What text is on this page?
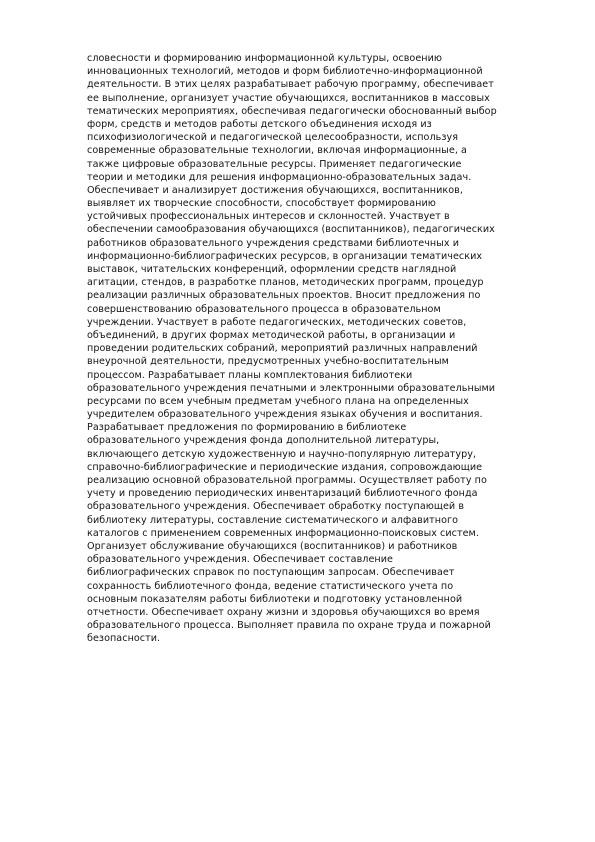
словесности и формированию информационной культуры, освоению
инновационных технологий, методов и форм библиотечно-информационной
деятельности. В этих целях разрабатывает рабочую программу, обеспечивает
ее выполнение, организует участие обучающихся, воспитанников в массовых
тематических мероприятиях, обеспечивая педагогически обоснованный выбор
форм, средств и методов работы детского объединения исходя из
психофизиологической и педагогической целесообразности, используя
современные образовательные технологии, включая информационные, а
также цифровые образовательные ресурсы. Применяет педагогические
теории и методики для решения информационно-образовательных задач.
Обеспечивает и анализирует достижения обучающихся, воспитанников,
выявляет их творческие способности, способствует формированию
устойчивых профессиональных интересов и склонностей. Участвует в
обеспечении самообразования обучающихся (воспитанников), педагогических
работников образовательного учреждения средствами библиотечных и
информационно-библиографических ресурсов, в организации тематических
выставок, читательских конференций, оформлении средств наглядной
агитации, стендов, в разработке планов, методических программ, процедур
реализации различных образовательных проектов. Вносит предложения по
совершенствованию образовательного процесса в образовательном
учреждении. Участвует в работе педагогических, методических советов,
объединений, в других формах методической работы, в организации и
проведении родительских собраний, мероприятий различных направлений
внеурочной деятельности, предусмотренных учебно-воспитательным
процессом. Разрабатывает планы комплектования библиотеки
образовательного учреждения печатными и электронными образовательными
ресурсами по всем учебным предметам учебного плана на определенных
учредителем образовательного учреждения языках обучения и воспитания.
Разрабатывает предложения по формированию в библиотеке
образовательного учреждения фонда дополнительной литературы,
включающего детскую художественную и научно-популярную литературу,
справочно-библиографические и периодические издания, сопровождающие
реализацию основной образовательной программы. Осуществляет работу по
учету и проведению периодических инвентаризаций библиотечного фонда
образовательного учреждения. Обеспечивает обработку поступающей в
библиотеку литературы, составление систематического и алфавитного
каталогов с применением современных информационно-поисковых систем.
Организует обслуживание обучающихся (воспитанников) и работников
образовательного учреждения. Обеспечивает составление
библиографических справок по поступающим запросам. Обеспечивает
сохранность библиотечного фонда, ведение статистического учета по
основным показателям работы библиотеки и подготовку установленной
отчетности. Обеспечивает охрану жизни и здоровья обучающихся во время
образовательного процесса. Выполняет правила по охране труда и пожарной
безопасности.
